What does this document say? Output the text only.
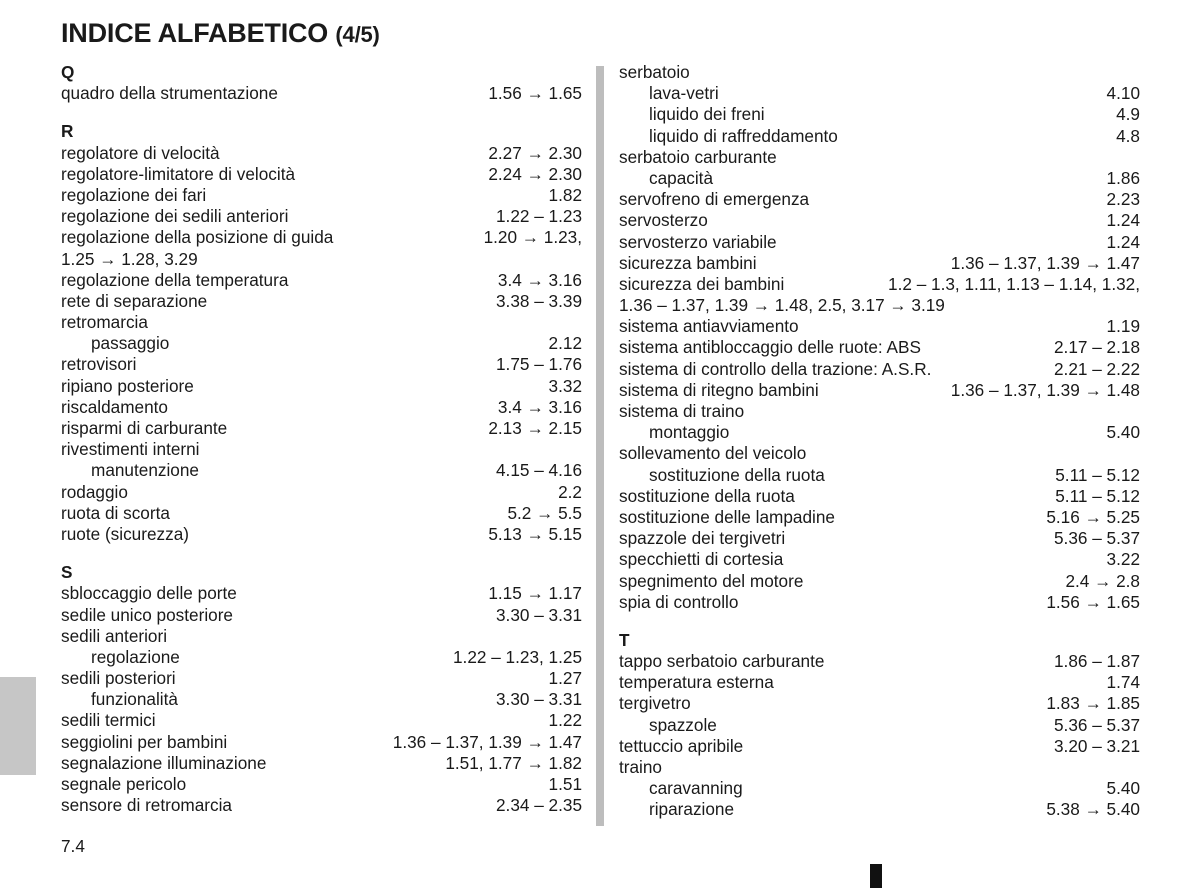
INDICE ALFABETICO (4/5)
Q
quadro della strumentazione	1.56 → 1.65
R
regolatore di velocità	2.27 → 2.30
regolatore-limitatore di velocità	2.24 → 2.30
regolazione dei fari	1.82
regolazione dei sedili anteriori	1.22 – 1.23
regolazione della posizione di guida	1.20 → 1.23,
1.25 → 1.28, 3.29
regolazione della temperatura	3.4 → 3.16
rete di separazione	3.38 – 3.39
retromarcia
passaggio	2.12
retrovisori	1.75 – 1.76
ripiano posteriore	3.32
riscaldamento	3.4 → 3.16
risparmi di carburante	2.13 → 2.15
rivestimenti interni
manutenzione	4.15 – 4.16
rodaggio	2.2
ruota di scorta	5.2 → 5.5
ruote (sicurezza)	5.13 → 5.15
S
sbloccaggio delle porte	1.15 → 1.17
sedile unico posteriore	3.30 – 3.31
sedili anteriori
regolazione	1.22 – 1.23, 1.25
sedili posteriori	1.27
funzionalità	3.30 – 3.31
sedili termici	1.22
seggiolini per bambini	1.36 – 1.37, 1.39 → 1.47
segnalazione illuminazione	1.51, 1.77 → 1.82
segnale pericolo	1.51
sensore di retromarcia	2.34 – 2.35
serbatoio
lava-vetri	4.10
liquido dei freni	4.9
liquido di raffreddamento	4.8
serbatoio carburante
capacità	1.86
servofreno di emergenza	2.23
servosterzo	1.24
servosterzo variabile	1.24
sicurezza bambini	1.36 – 1.37, 1.39 → 1.47
sicurezza dei bambini	1.2 – 1.3, 1.11, 1.13 – 1.14, 1.32,
1.36 – 1.37, 1.39 → 1.48, 2.5, 3.17 → 3.19
sistema antiavviamento	1.19
sistema antibloccaggio delle ruote: ABS	2.17 – 2.18
sistema di controllo della trazione: A.S.R.	2.21 – 2.22
sistema di ritegno bambini	1.36 – 1.37, 1.39 → 1.48
sistema di traino
montaggio	5.40
sollevamento del veicolo
sostituzione della ruota	5.11 – 5.12
sostituzione della ruota	5.11 – 5.12
sostituzione delle lampadine	5.16 → 5.25
spazzole dei tergivetri	5.36 – 5.37
specchietti di cortesia	3.22
spegnimento del motore	2.4 → 2.8
spia di controllo	1.56 → 1.65
T
tappo serbatoio carburante	1.86 – 1.87
temperatura esterna	1.74
tergivetro	1.83 → 1.85
spazzole	5.36 – 5.37
tettuccio apribile	3.20 – 3.21
traino
caravanning	5.40
riparazione	5.38 → 5.40
7.4
